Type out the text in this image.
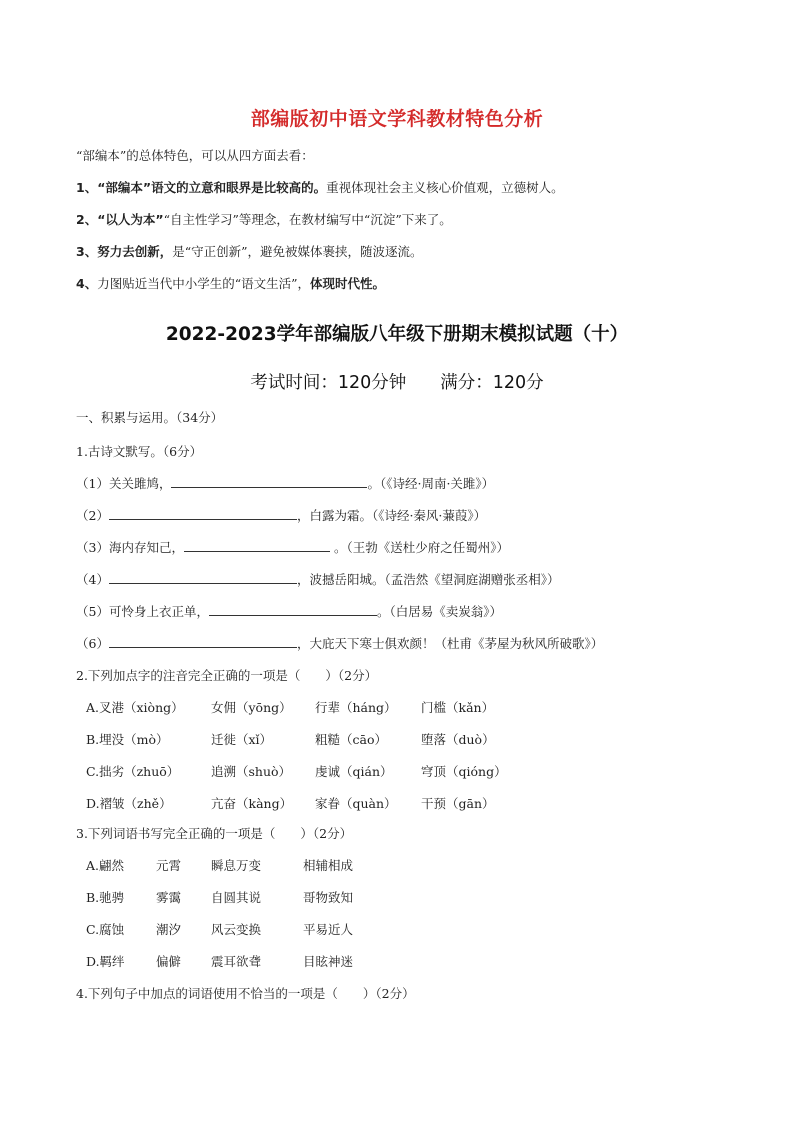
部编版初中语文学科教材特色分析
“部编本”的总体特色，可以从四方面去看：
1、“部编本”语文的立意和眼界是比较高的。重视体现社会主义核心价值观，立德树人。
2、“以人为本”“自主性学习”等理念，在教材编写中“沉淀”下来了。
3、努力去创新，是“守正创新”，避免被媒体裹挟，随波逐流。
4、力图贴近当代中小学生的“语文生活”，体现时代性。
2022-2023学年部编版八年级下册期末模拟试题（十）
考试时间：120分钟 满分：120分
一、积累与运用。（34分）
1.古诗文默写。（6分）
（1）关关雎鸠，	。（《诗经·周南·关雎》）
（2）	，白露为霜。（《诗经·秦风·蒹葭》）
（3）海内存知己，	。（王勃《送杜少府之任蜀州》）
（4）	，波撼岳阳城。（孟浩然《望洞庭湖赠张丞相》）
（5）可怜身上衣正单，	。（白居易《卖炭翁》）
（6）	，大庇天下寒士俱欢颜！（杜甫《茅屋为秋风所破歌》）
2.下列加点字的注音完全正确的一项是（　　）（2分）
A.叉港（xiòng） 女佣（yōng） 行辈（háng） 门槛（kǎn）
B.埋没（mò）	迁徙（xǐ）	粗糙（cāo）	堕落（duò）
C.拙劣（zhuō）	追溯（shuò） 虔诚（qián） 穹顶（qióng）
D.褶皱（zhě）	亢奋（kàng） 家眷（quàn） 干预（gān）
3.下列词语书写完全正确的一项是（　　）（2分）
A.翩然	元霄 瞬息万变	相辅相成
B.驰骋	雾霭 自圆其说	哥物致知
C.腐蚀	潮汐 风云变换	平易近人
D.羁绊	偏僻 震耳欲聋	目眩神迷
4.下列句子中加点的词语使用不恰当的一项是（　　）（2分）
